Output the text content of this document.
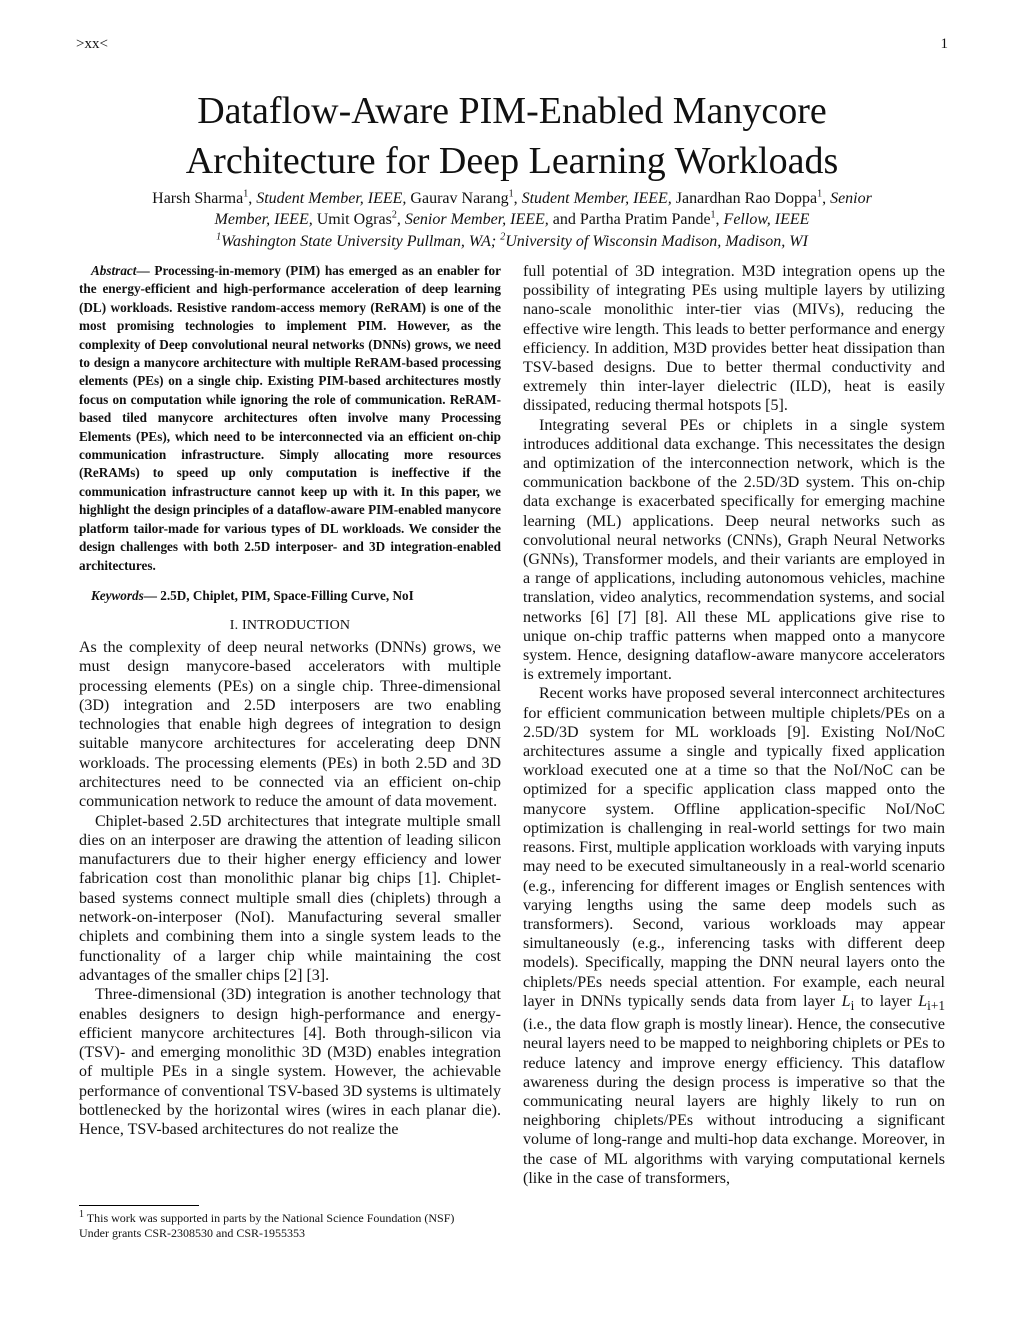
>xx<	1
Dataflow-Aware PIM-Enabled Manycore
Architecture for Deep Learning Workloads
Harsh Sharma$^1$, Student Member, IEEE, Gaurav Narang$^1$, Student Member, IEEE, Janardhan Rao Doppa$^1$, Senior
Member, IEEE, Umit Ogras$^2$, Senior Member, IEEE, and Partha Pratim Pande$^1$, Fellow, IEEE
$^1$Washington State University Pullman, WA; $^2$University of Wisconsin Madison, Madison, WI

Abstract— Processing-in-memory (PIM) has emerged as an enabler for the energy-efficient and high-performance acceleration of deep learning (DL) workloads. Resistive random-access memory (ReRAM) is one of the most promising technologies to implement PIM. However, as the complexity of Deep convolutional neural networks (DNNs) grows, we need to design a manycore architecture with multiple ReRAM-based processing elements (PEs) on a single chip. Existing PIM-based architectures mostly focus on computation while ignoring the role of communication. ReRAM-based tiled manycore architectures often involve many Processing Elements (PEs), which need to be interconnected via an efficient on-chip communication infrastructure. Simply allocating more resources (ReRAMs) to speed up only computation is ineffective if the communication infrastructure cannot keep up with it. In this paper, we highlight the design principles of a dataflow-aware PIM-enabled manycore platform tailor-made for various types of DL workloads. We consider the design challenges with both 2.5D interposer- and 3D integration-enabled architectures.

Keywords— 2.5D, Chiplet, PIM, Space-Filling Curve, NoI

I. INTRODUCTION

As the complexity of deep neural networks (DNNs) grows, we must design manycore-based accelerators with multiple processing elements (PEs) on a single chip. Three-dimensional (3D) integration and 2.5D interposers are two enabling technologies that enable high degrees of integration to design suitable manycore architectures for accelerating deep DNN workloads. The processing elements (PEs) in both 2.5D and 3D architectures need to be connected via an efficient on-chip communication network to reduce the amount of data movement.

Chiplet-based 2.5D architectures that integrate multiple small dies on an interposer are drawing the attention of leading silicon manufacturers due to their higher energy efficiency and lower fabrication cost than monolithic planar big chips [1]. Chiplet-based systems connect multiple small dies (chiplets) through a network-on-interposer (NoI). Manufacturing several smaller chiplets and combining them into a single system leads to the functionality of a larger chip while maintaining the cost advantages of the smaller chips [2] [3].

Three-dimensional (3D) integration is another technology that enables designers to design high-performance and energy-efficient manycore architectures [4]. Both through-silicon via (TSV)- and emerging monolithic 3D (M3D) enables integration of multiple PEs in a single system. However, the achievable performance of conventional TSV-based 3D systems is ultimately bottlenecked by the horizontal wires (wires in each planar die). Hence, TSV-based architectures do not realize the

full potential of 3D integration. M3D integration opens up the possibility of integrating PEs using multiple layers by utilizing nano-scale monolithic inter-tier vias (MIVs), reducing the effective wire length. This leads to better performance and energy efficiency. In addition, M3D provides better heat dissipation than TSV-based designs. Due to better thermal conductivity and extremely thin inter-layer dielectric (ILD), heat is easily dissipated, reducing thermal hotspots [5].

Integrating several PEs or chiplets in a single system introduces additional data exchange. This necessitates the design and optimization of the interconnection network, which is the communication backbone of the 2.5D/3D system. This on-chip data exchange is exacerbated specifically for emerging machine learning (ML) applications. Deep neural networks such as convolutional neural networks (CNNs), Graph Neural Networks (GNNs), Transformer models, and their variants are employed in a range of applications, including autonomous vehicles, machine translation, video analytics, recommendation systems, and social networks [6] [7] [8]. All these ML applications give rise to unique on-chip traffic patterns when mapped onto a manycore system. Hence, designing dataflow-aware manycore accelerators is extremely important.

Recent works have proposed several interconnect architectures for efficient communication between multiple chiplets/PEs on a 2.5D/3D system for ML workloads [9]. Existing NoI/NoC architectures assume a single and typically fixed application workload executed one at a time so that the NoI/NoC can be optimized for a specific application class mapped onto the manycore system. Offline application-specific NoI/NoC optimization is challenging in real-world settings for two main reasons. First, multiple application workloads with varying inputs may need to be executed simultaneously in a real-world scenario (e.g., inferencing for different images or English sentences with varying lengths using the same deep models such as transformers). Second, various workloads may appear simultaneously (e.g., inferencing tasks with different deep models). Specifically, mapping the DNN neural layers onto the chiplets/PEs needs special attention. For example, each neural layer in DNNs typically sends data from layer $L_i$ to layer $L_{i+1}$ (i.e., the data flow graph is mostly linear). Hence, the consecutive neural layers need to be mapped to neighboring chiplets or PEs to reduce latency and improve energy efficiency. This dataflow awareness during the design process is imperative so that the communicating neural layers are highly likely to run on neighboring chiplets/PEs without introducing a significant volume of long-range and multi-hop data exchange. Moreover, in the case of ML algorithms with varying computational kernels (like in the case of transformers,

$^1$ This work was supported in parts by the National Science Foundation (NSF)
Under grants CSR-2308530 and CSR-1955353
